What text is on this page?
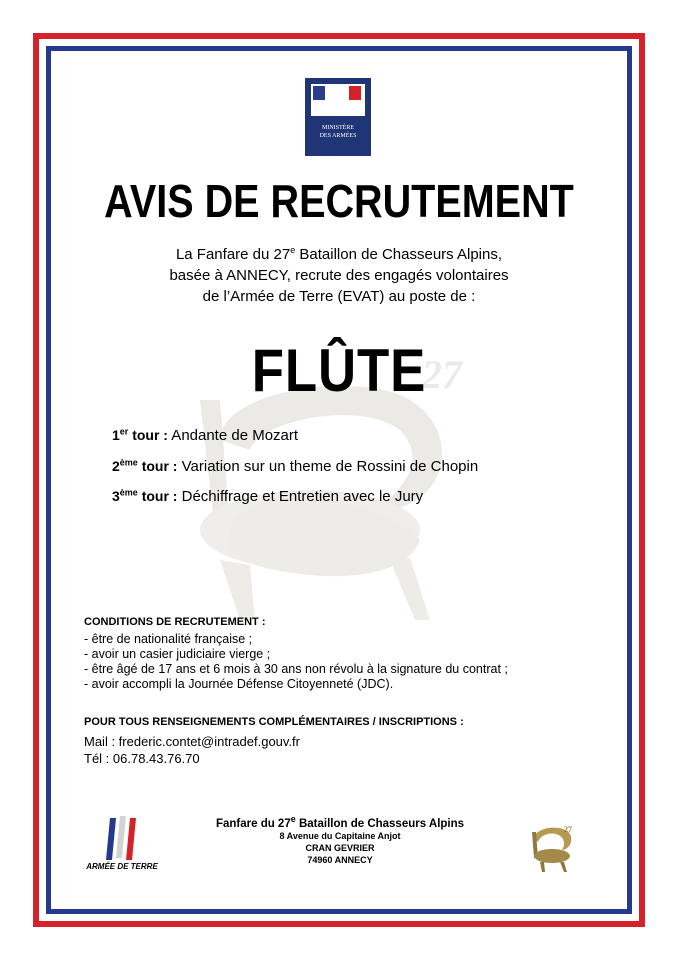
MINISTÈRE
DES ARMÉES
AVIS DE RECRUTEMENT
La Fanfare du 27e Bataillon de Chasseurs Alpins,
basée à ANNECY, recrute des engagés volontaires
de l’Armée de Terre (EVAT) au poste de :
27
FLÛTE
1er tour : Andante de Mozart
2ème tour : Variation sur un theme de Rossini de Chopin
3ème tour : Déchiffrage et Entretien avec le Jury
CONDITIONS DE RECRUTEMENT :
- être de nationalité française ;
- avoir un casier judiciaire vierge ;
- être âgé de 17 ans et 6 mois à 30 ans non révolu à la signature du contrat ;
- avoir accompli la Journée Défense Citoyenneté (JDC).
POUR TOUS RENSEIGNEMENTS COMPLÉMENTAIRES / INSCRIPTIONS :
Mail : frederic.contet@intradef.gouv.fr
Tél : 06.78.43.76.70
ARMÉE DE TERRE
Fanfare du 27e Bataillon de Chasseurs Alpins
8 Avenue du Capitaine Anjot
CRAN GEVRIER
74960 ANNECY
27
